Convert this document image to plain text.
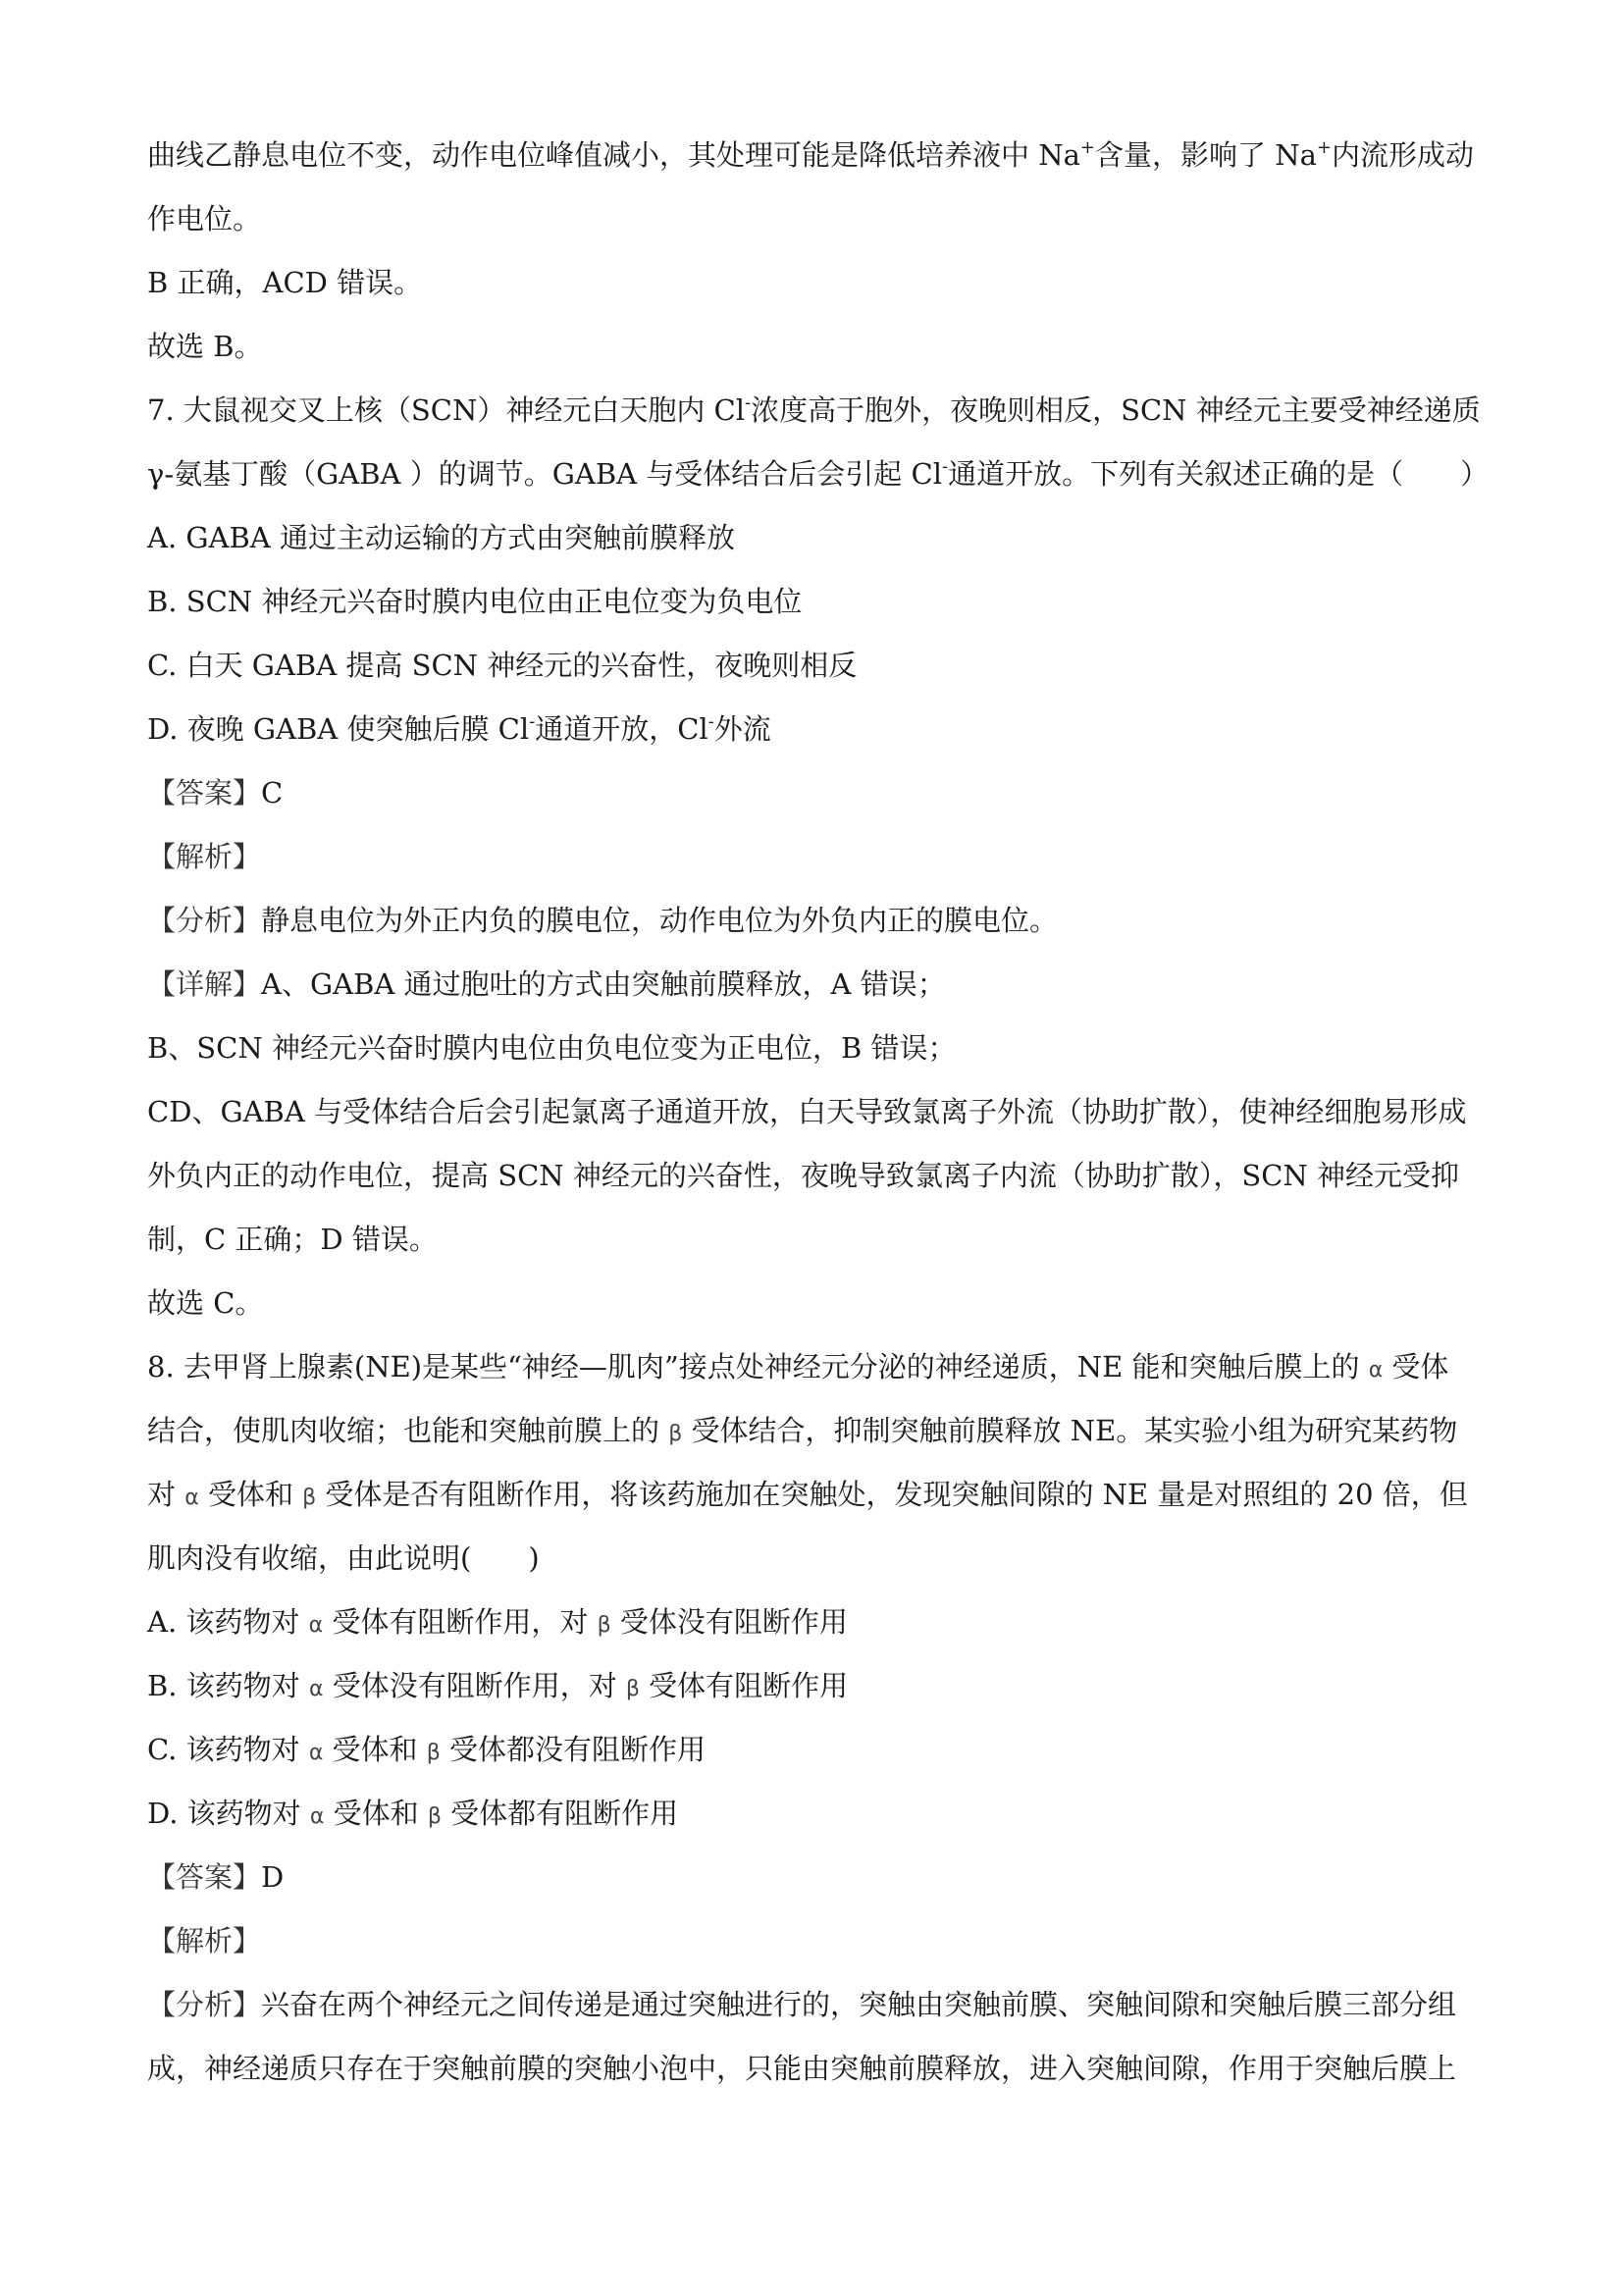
曲线乙静息电位不变，动作电位峰值减小，其处理可能是降低培养液中 Na+含量，影响了 Na+内流形成动
作电位。
B 正确，ACD 错误。
故选 B。
7. 大鼠视交叉上核（SCN）神经元白天胞内 Cl-浓度高于胞外，夜晚则相反，SCN 神经元主要受神经递质
γ-氨基丁酸（GABA ）的调节。GABA 与受体结合后会引起 Cl-通道开放。下列有关叙述正确的是（　　）
A. GABA 通过主动运输的方式由突触前膜释放
B. SCN 神经元兴奋时膜内电位由正电位变为负电位
C. 白天 GABA 提高 SCN 神经元的兴奋性，夜晚则相反
D. 夜晚 GABA 使突触后膜 Cl-通道开放，Cl-外流
【答案】C
【解析】
【分析】静息电位为外正内负的膜电位，动作电位为外负内正的膜电位。
【详解】A、GABA 通过胞吐的方式由突触前膜释放，A 错误；
B、SCN 神经元兴奋时膜内电位由负电位变为正电位，B 错误；
CD、GABA 与受体结合后会引起氯离子通道开放，白天导致氯离子外流（协助扩散），使神经细胞易形成
外负内正的动作电位，提高 SCN 神经元的兴奋性，夜晚导致氯离子内流（协助扩散），SCN 神经元受抑
制，C 正确；D 错误。
故选 C。
8. 去甲肾上腺素(NE)是某些“神经—肌肉”接点处神经元分泌的神经递质，NE 能和突触后膜上的 α 受体
结合，使肌肉收缩；也能和突触前膜上的 β 受体结合，抑制突触前膜释放 NE。某实验小组为研究某药物
对 α 受体和 β 受体是否有阻断作用，将该药施加在突触处，发现突触间隙的 NE 量是对照组的 20 倍，但
肌肉没有收缩，由此说明(　　)
A. 该药物对 α 受体有阻断作用，对 β 受体没有阻断作用
B. 该药物对 α 受体没有阻断作用，对 β 受体有阻断作用
C. 该药物对 α 受体和 β 受体都没有阻断作用
D. 该药物对 α 受体和 β 受体都有阻断作用
【答案】D
【解析】
【分析】兴奋在两个神经元之间传递是通过突触进行的，突触由突触前膜、突触间隙和突触后膜三部分组
成，神经递质只存在于突触前膜的突触小泡中，只能由突触前膜释放，进入突触间隙，作用于突触后膜上
